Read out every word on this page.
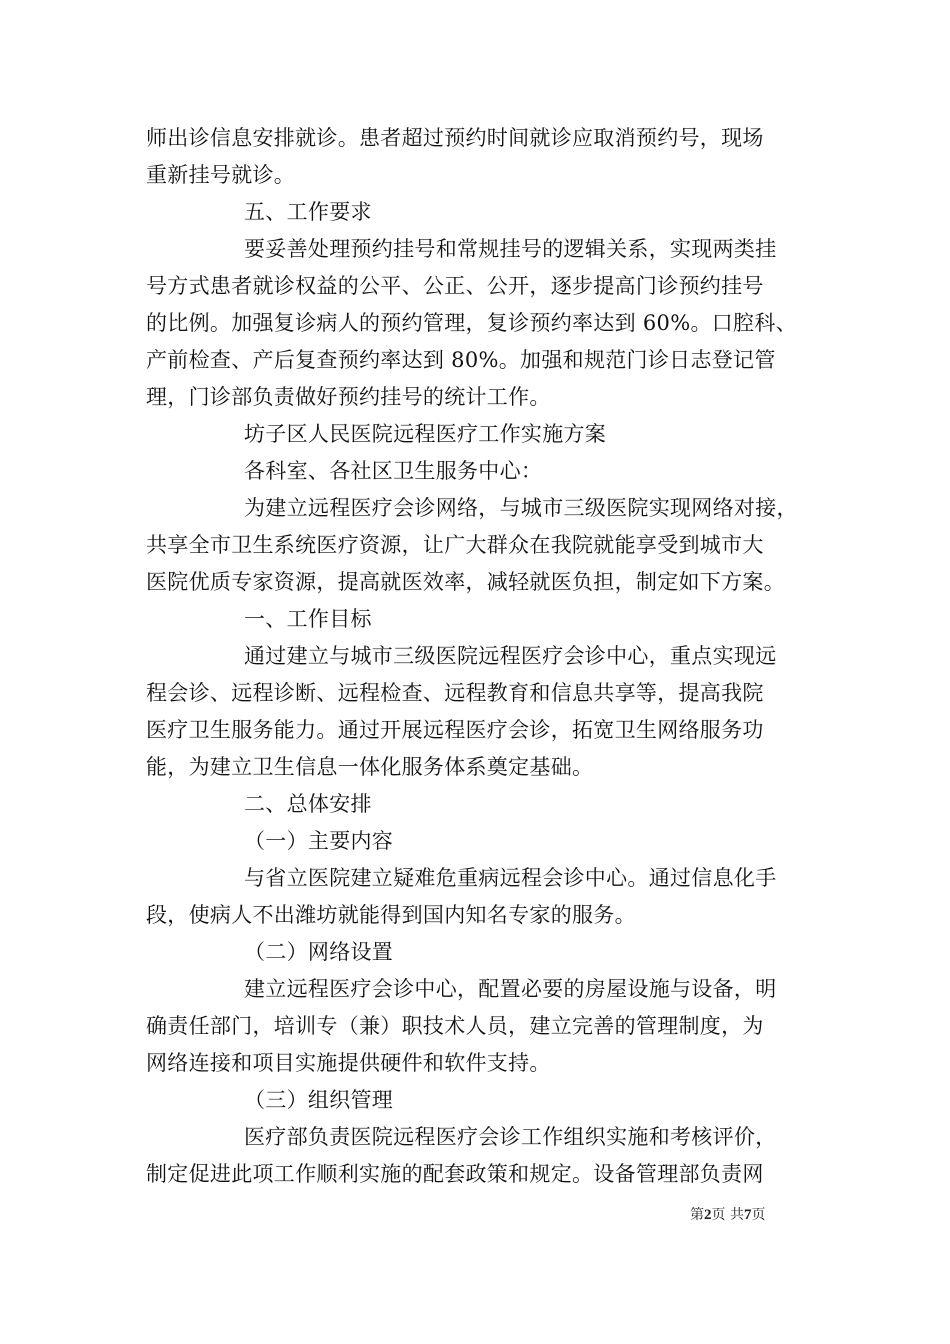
师出诊信息安排就诊。患者超过预约时间就诊应取消预约号，现场
重新挂号就诊。
五、工作要求
要妥善处理预约挂号和常规挂号的逻辑关系，实现两类挂
号方式患者就诊权益的公平、公正、公开，逐步提高门诊预约挂号
的比例。加强复诊病人的预约管理，复诊预约率达到 60%。口腔科、
产前检查、产后复查预约率达到 80%。加强和规范门诊日志登记管
理，门诊部负责做好预约挂号的统计工作。
坊子区人民医院远程医疗工作实施方案
各科室、各社区卫生服务中心：
为建立远程医疗会诊网络，与城市三级医院实现网络对接，
共享全市卫生系统医疗资源，让广大群众在我院就能享受到城市大
医院优质专家资源，提高就医效率，减轻就医负担，制定如下方案。
一、工作目标
通过建立与城市三级医院远程医疗会诊中心，重点实现远
程会诊、远程诊断、远程检查、远程教育和信息共享等，提高我院
医疗卫生服务能力。通过开展远程医疗会诊，拓宽卫生网络服务功
能，为建立卫生信息一体化服务体系奠定基础。
二、总体安排
（一）主要内容
与省立医院建立疑难危重病远程会诊中心。通过信息化手
段，使病人不出潍坊就能得到国内知名专家的服务。
（二）网络设置
建立远程医疗会诊中心，配置必要的房屋设施与设备，明
确责任部门，培训专（兼）职技术人员，建立完善的管理制度，为
网络连接和项目实施提供硬件和软件支持。
（三）组织管理
医疗部负责医院远程医疗会诊工作组织实施和考核评价，
制定促进此项工作顺利实施的配套政策和规定。设备管理部负责网
第2页 共7页
